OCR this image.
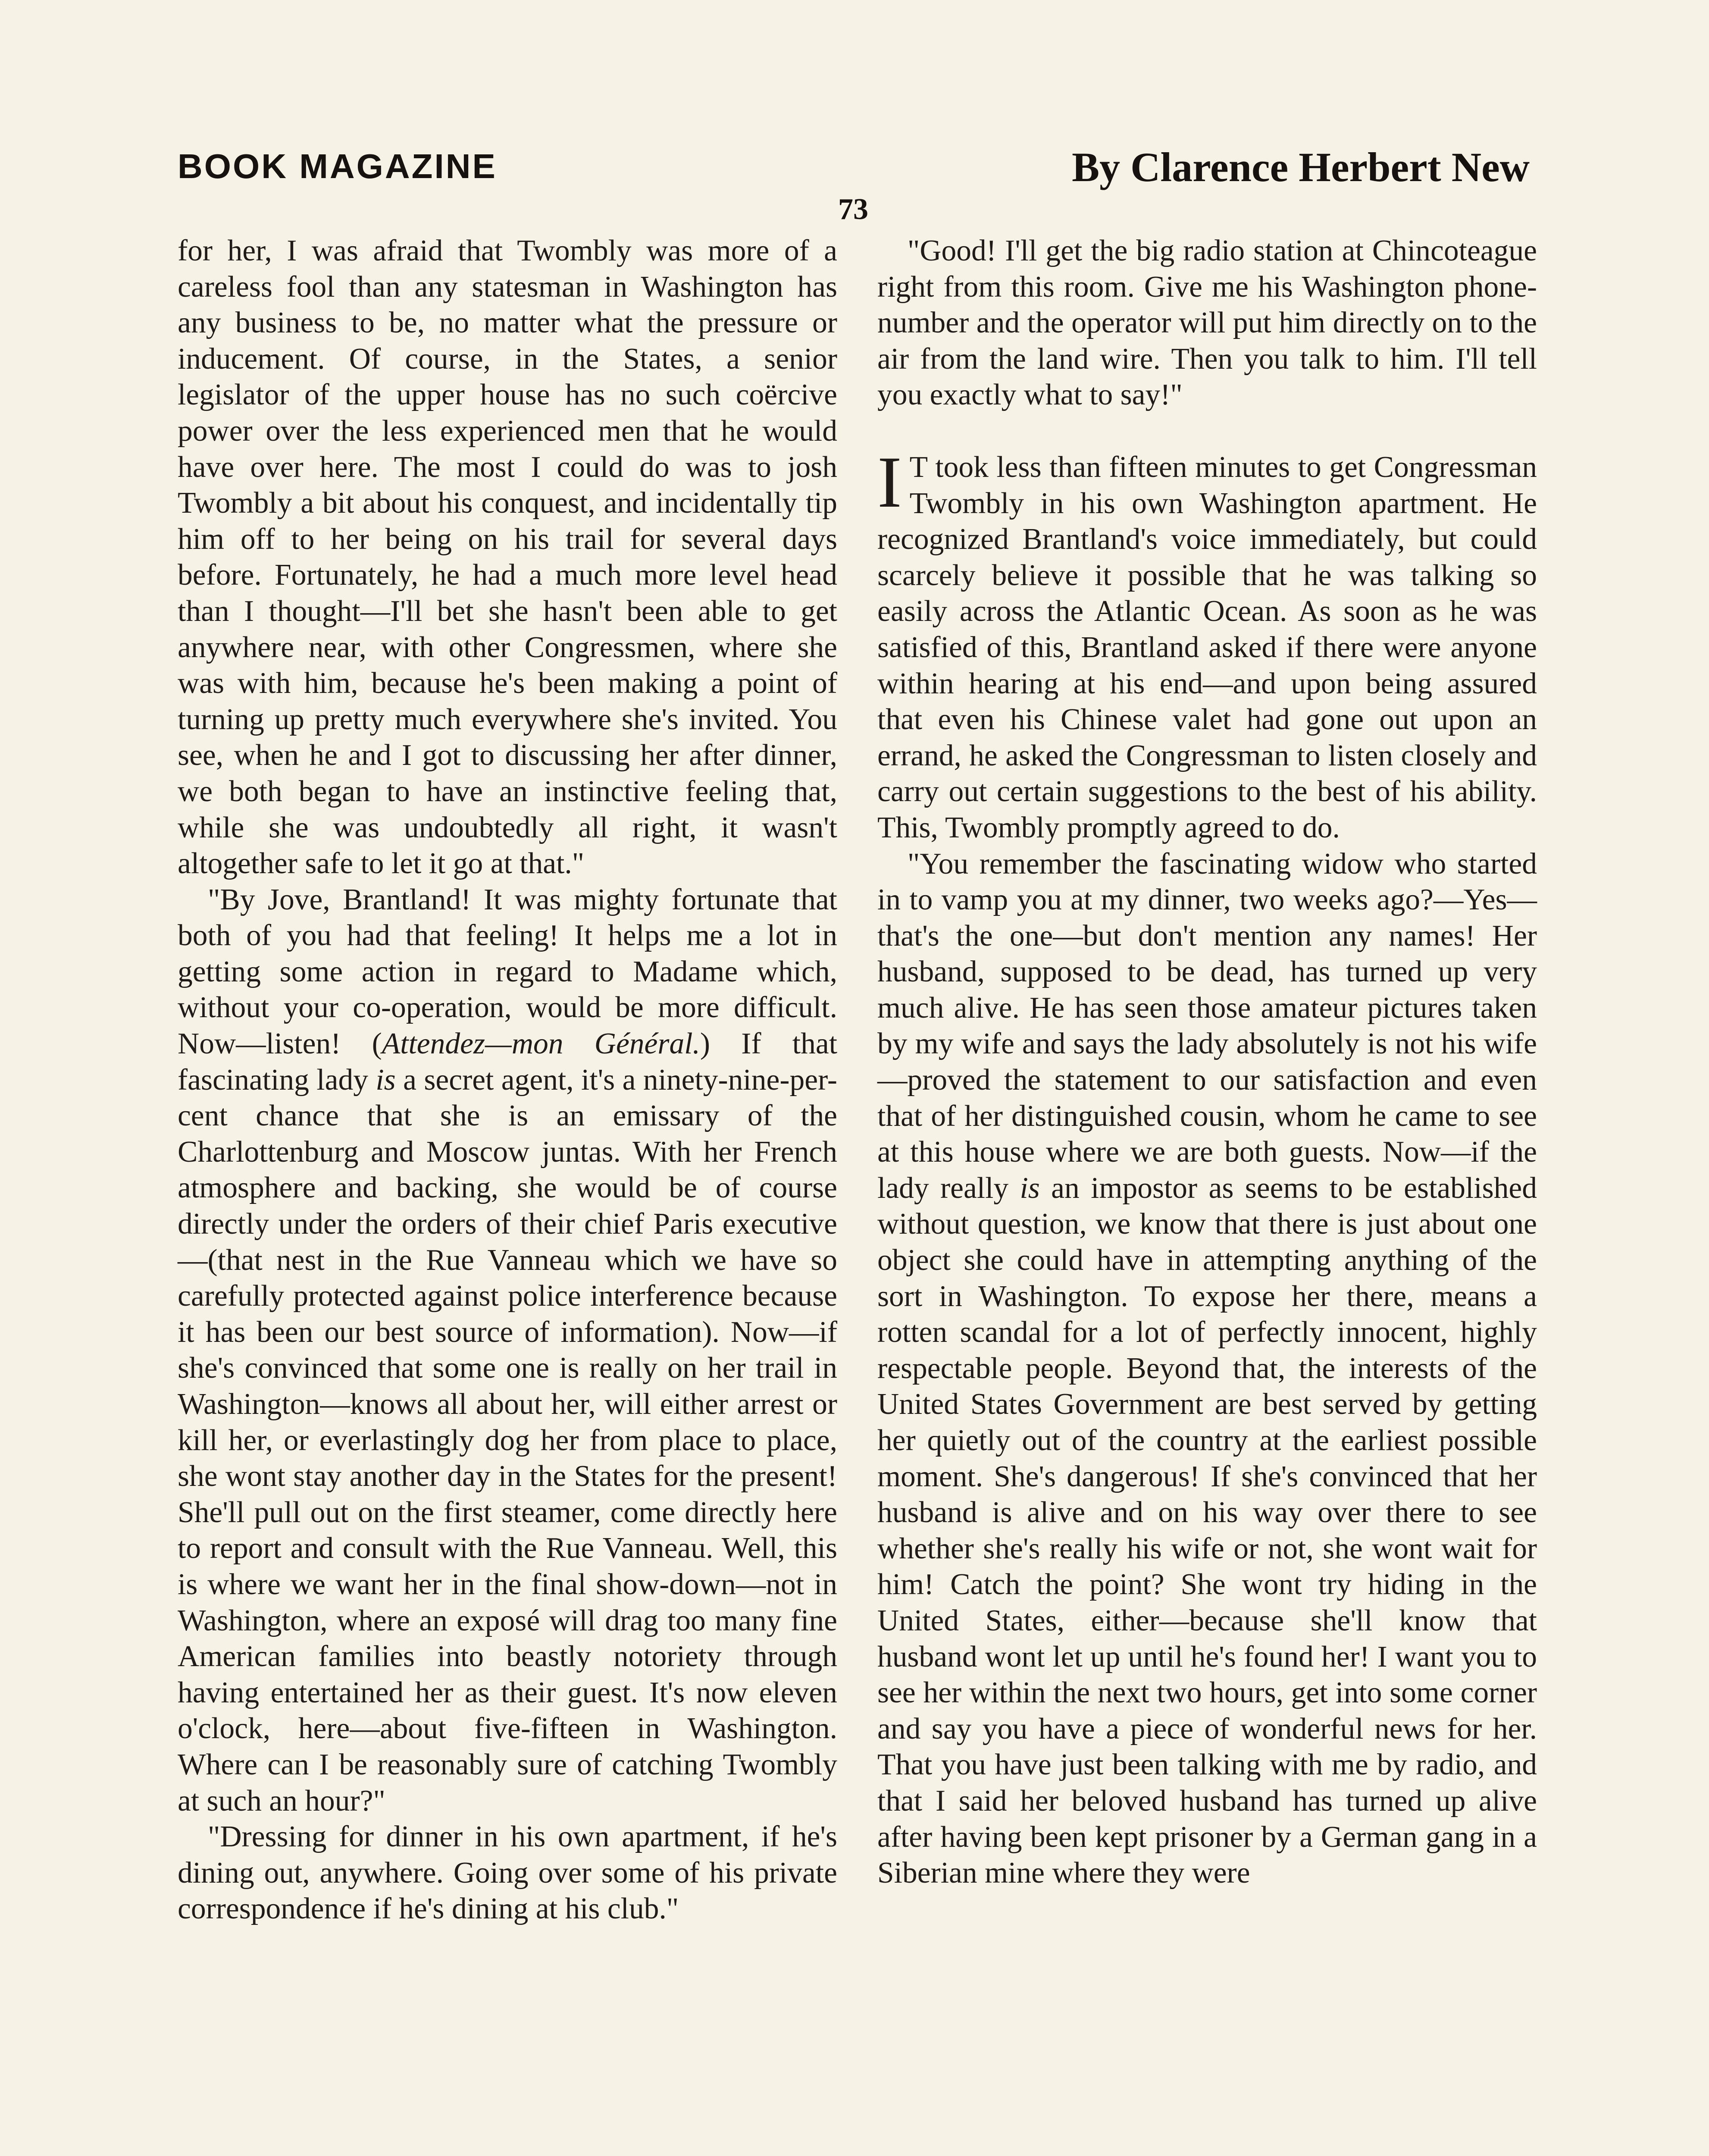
BOOK MAGAZINE	By Clarence Herbert New
73

for her, I was afraid that Twombly was more of a careless fool than any statesman in Washington has any business to be, no matter what the pressure or inducement. Of course, in the States, a senior legislator of the upper house has no such coërcive power over the less experienced men that he would have over here. The most I could do was to josh Twombly a bit about his conquest, and incidentally tip him off to her being on his trail for several days before. Fortunately, he had a much more level head than I thought—I'll bet she hasn't been able to get anywhere near, with other Congressmen, where she was with him, because he's been making a point of turning up pretty much everywhere she's invited. You see, when he and I got to discussing her after dinner, we both began to have an instinctive feeling that, while she was undoubtedly all right, it wasn't altogether safe to let it go at that."

"By Jove, Brantland! It was mighty fortunate that both of you had that feeling! It helps me a lot in getting some action in regard to Madame which, without your co-operation, would be more difficult. Now—listen! (Attendez—mon Général.) If that fascinating lady is a secret agent, it's a ninety-nine-per-cent chance that she is an emissary of the Charlottenburg and Moscow juntas. With her French atmosphere and backing, she would be of course directly under the orders of their chief Paris executive —(that nest in the Rue Vanneau which we have so carefully protected against police interference because it has been our best source of information). Now—if she's convinced that some one is really on her trail in Washington—knows all about her, will either arrest or kill her, or everlastingly dog her from place to place, she wont stay another day in the States for the present! She'll pull out on the first steamer, come directly here to report and consult with the Rue Vanneau. Well, this is where we want her in the final show-down—not in Washington, where an exposé will drag too many fine American families into beastly notoriety through having entertained her as their guest. It's now eleven o'clock, here—about five-fifteen in Washington. Where can I be reasonably sure of catching Twombly at such an hour?"

"Dressing for dinner in his own apartment, if he's dining out, anywhere. Going over some of his private correspondence if he's dining at his club."

"Good! I'll get the big radio station at Chincoteague right from this room. Give me his Washington phone-number and the operator will put him directly on to the air from the land wire. Then you talk to him. I'll tell you exactly what to say!"

I T took less than fifteen minutes to get Congressman Twombly in his own Washington apartment. He recognized Brantland's voice immediately, but could scarcely believe it possible that he was talking so easily across the Atlantic Ocean. As soon as he was satisfied of this, Brantland asked if there were anyone within hearing at his end—and upon being assured that even his Chinese valet had gone out upon an errand, he asked the Congressman to listen closely and carry out certain suggestions to the best of his ability. This, Twombly promptly agreed to do.

"You remember the fascinating widow who started in to vamp you at my dinner, two weeks ago?—Yes—that's the one—but don't mention any names! Her husband, supposed to be dead, has turned up very much alive. He has seen those amateur pictures taken by my wife and says the lady absolutely is not his wife—proved the statement to our satisfaction and even that of her distinguished cousin, whom he came to see at this house where we are both guests. Now—if the lady really is an impostor as seems to be established without question, we know that there is just about one object she could have in attempting anything of the sort in Washington. To expose her there, means a rotten scandal for a lot of perfectly innocent, highly respectable people. Beyond that, the interests of the United States Government are best served by getting her quietly out of the country at the earliest possible moment. She's dangerous! If she's convinced that her husband is alive and on his way over there to see whether she's really his wife or not, she wont wait for him! Catch the point? She wont try hiding in the United States, either—because she'll know that husband wont let up until he's found her! I want you to see her within the next two hours, get into some corner and say you have a piece of wonderful news for her. That you have just been talking with me by radio, and that I said her beloved husband has turned up alive after having been kept prisoner by a German gang in a Siberian mine where they were
